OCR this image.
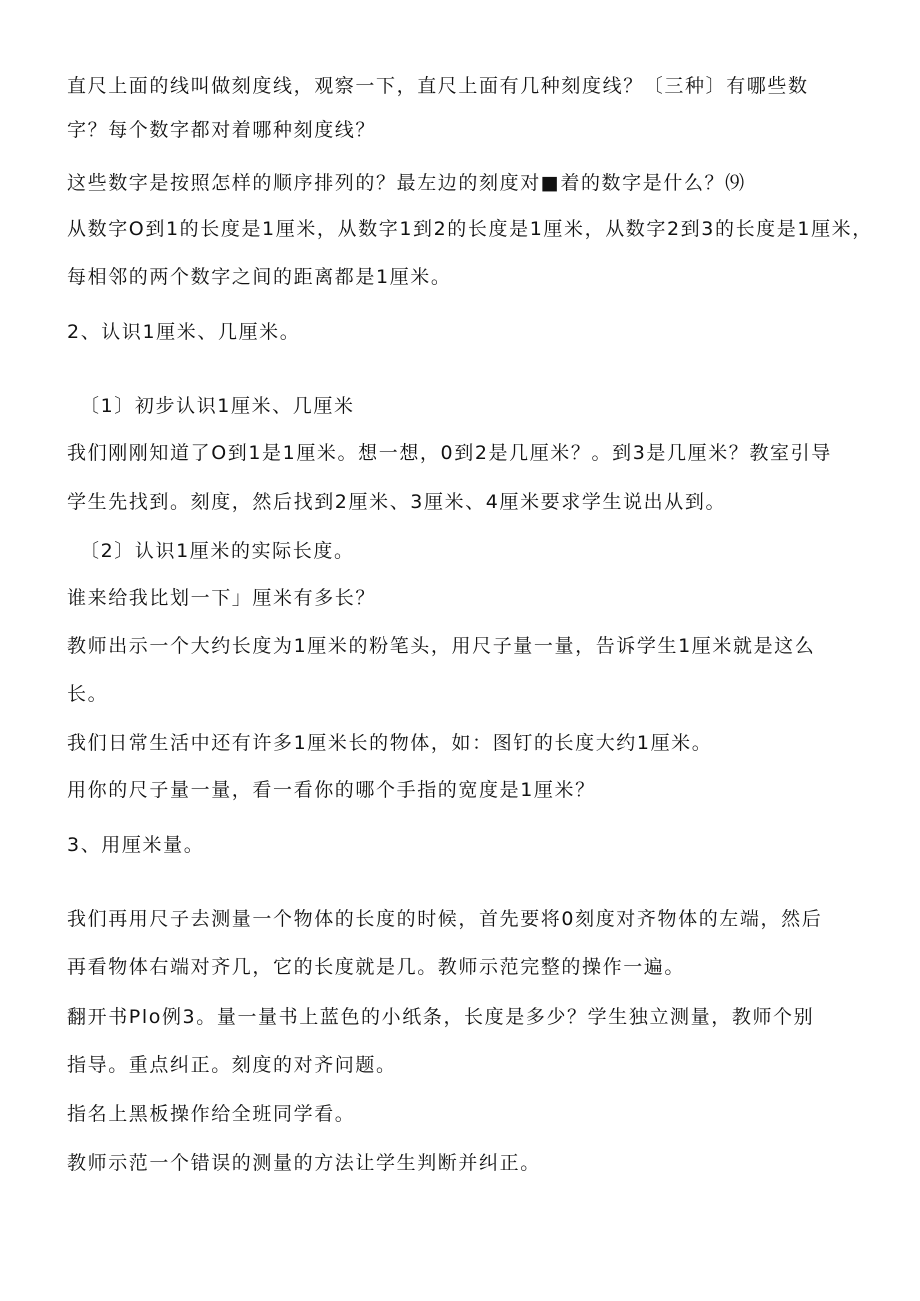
直尺上面的线叫做刻度线，观察一下，直尺上面有几种刻度线？〔三种〕有哪些数
字？每个数字都对着哪种刻度线？
这些数字是按照怎样的顺序排列的？最左边的刻度对■着的数字是什么？⑼
从数字O到1的长度是1厘米，从数字1到2的长度是1厘米，从数字2到3的长度是1厘米，
每相邻的两个数字之间的距离都是1厘米。
2、认识1厘米、几厘米。
〔1〕初步认识1厘米、几厘米
我们刚刚知道了O到1是1厘米。想一想，0到2是几厘米？。到3是几厘米？教室引导
学生先找到。刻度，然后找到2厘米、3厘米、4厘米要求学生说出从到。
〔2〕认识1厘米的实际长度。
谁来给我比划一下」厘米有多长？
教师出示一个大约长度为1厘米的粉笔头，用尺子量一量，告诉学生1厘米就是这么
长。
我们日常生活中还有许多1厘米长的物体，如：图钉的长度大约1厘米。
用你的尺子量一量，看一看你的哪个手指的宽度是1厘米？
3、用厘米量。
我们再用尺子去测量一个物体的长度的时候，首先要将0刻度对齐物体的左端，然后
再看物体右端对齐几，它的长度就是几。教师示范完整的操作一遍。
翻开书Plo例3。量一量书上蓝色的小纸条，长度是多少？学生独立测量，教师个别
指导。重点纠正。刻度的对齐问题。
指名上黑板操作给全班同学看。
教师示范一个错误的测量的方法让学生判断并纠正。
